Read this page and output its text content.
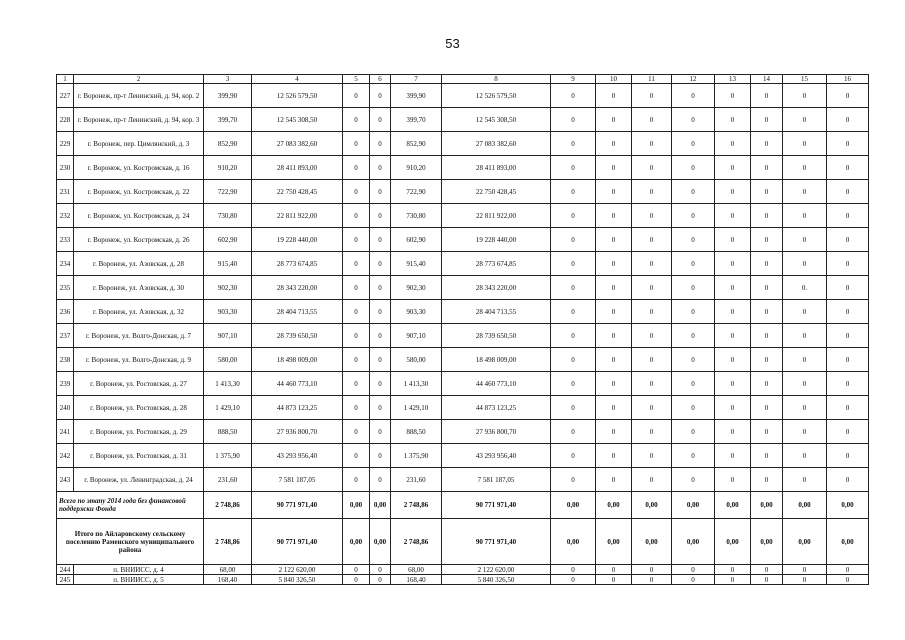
53
1	2	3	4	5	6	7	8	9	10	11	12	13	14	15	16
227	г. Воронеж, пр-т Ленинский, д. 94, кор. 2	399,90	12 526 579,50	0	0	399,90	12 526 579,50	0	0	0	0	0	0	0	0
228	г. Воронеж, пр-т Ленинский, д. 94, кор. 3	399,70	12 545 308,50	0	0	399,70	12 545 308,50	0	0	0	0	0	0	0	0
229	г. Воронеж, пер. Цимлянский, д. 3	852,90	27 083 382,60	0	0	852,90	27 083 382,60	0	0	0	0	0	0	0	0
230	г. Воронеж, ул. Костромская, д. 16	910,20	28 411 893,00	0	0	910,20	28 411 893,00	0	0	0	0	0	0	0	0
231	г. Воронеж, ул. Костромская, д. 22	722,90	22 750 428,45	0	0	722,90	22 750 428,45	0	0	0	0	0	0	0	0
232	г. Воронеж, ул. Костромская, д. 24	730,80	22 811 922,00	0	0	730,80	22 811 922,00	0	0	0	0	0	0	0	0
233	г. Воронеж, ул. Костромская, д. 26	602,90	19 228 440,00	0	0	602,90	19 228 440,00	0	0	0	0	0	0	0	0
234	г. Воронеж, ул. Азовская, д. 28	915,40	28 773 674,85	0	0	915,40	28 773 674,85	0	0	0	0	0	0	0	0
235	г. Воронеж, ул. Азовская, д. 30	902,30	28 343 220,00	0	0	902,30	28 343 220,00	0	0	0	0	0	0	0.	0
236	г. Воронеж, ул. Азовская, д. 32	903,30	28 404 713,55	0	0	903,30	28 404 713,55	0	0	0	0	0	0	0	0
237	г. Воронеж, ул. Волго-Донская, д. 7	907,10	28 739 650,50	0	0	907,10	28 739 650,50	0	0	0	0	0	0	0	0
238	г. Воронеж, ул. Волго-Донская, д. 9	580,00	18 498 009,00	0	0	580,00	18 498 009,00	0	0	0	0	0	0	0	0
239	г. Воронеж, ул. Ростовская, д. 27	1 413,30	44 460 773,10	0	0	1 413,30	44 460 773,10	0	0	0	0	0	0	0	0
240	г. Воронеж, ул. Ростовская, д. 28	1 429,10	44 873 123,25	0	0	1 429,10	44 873 123,25	0	0	0	0	0	0	0	0
241	г. Воронеж, ул. Ростовская, д. 29	888,50	27 936 800,70	0	0	888,50	27 936 800,70	0	0	0	0	0	0	0	0
242	г. Воронеж, ул. Ростовская, д. 31	1 375,90	43 293 956,40	0	0	1 375,90	43 293 956,40	0	0	0	0	0	0	0	0
243	г. Воронеж, ул. Ленинградская, д. 24	231,60	7 581 187,05	0	0	231,60	7 581 187,05	0	0	0	0	0	0	0	0
Всего по этапу 2014 года без финансовой поддержки Фонда		2 748,86	90 771 971,40	0,00	0,00	2 748,86	90 771 971,40	0,00	0,00	0,00	0,00	0,00	0,00	0,00	0,00
Итого по Айларовскому сельскому поселению Раменского муниципального района		2 748,86	90 771 971,40	0,00	0,00	2 748,86	90 771 971,40	0,00	0,00	0,00	0,00	0,00	0,00	0,00	0,00
244	п. ВНИИСС, д. 4	68,00	2 122 620,00	0	0	68,00	2 122 620,00	0	0	0	0	0	0	0	0
245	п. ВНИИСС, д. 5	168,40	5 840 326,50	0	0	168,40	5 840 326,50	0	0	0	0	0	0	0	0
